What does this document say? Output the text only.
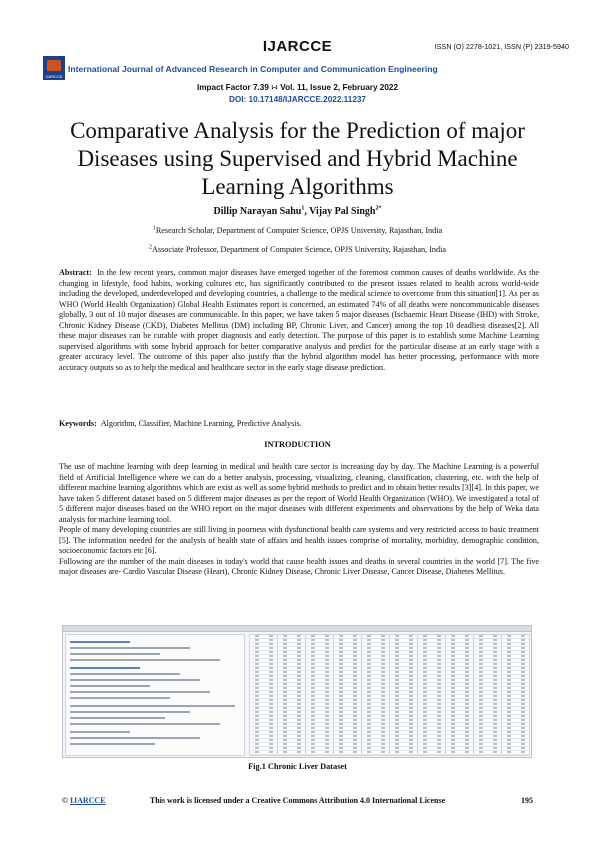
IJARCCE	ISSN (O) 2278-1021, ISSN (P) 2319-5940
IJARCCE
International Journal of Advanced Research in Computer and Communication Engineering
Impact Factor 7.39 ∺ Vol. 11, Issue 2, February 2022
DOI: 10.17148/IJARCCE.2022.11237
Comparative Analysis for the Prediction of major Diseases using Supervised and Hybrid Machine Learning Algorithms
Dillip Narayan Sahu$^1$, Vijay Pal Singh$^{2*}$
$^1$Research Scholar, Department of Computer Science, OPJS University, Rajasthan, India
$^2$Associate Professor, Department of Computer Science, OPJS University, Rajasthan, India
Abstract: In the few recent years, common major diseases have emerged together of the foremost common causes of deaths worldwide. As the changing in lifestyle, food habits, working cultures etc, has significantly contributed to the present issues related to health across world-wide including the developed, underdeveloped and developing countries, a challenge to the medical science to overcome from this situation[1]. As per as WHO (World Health Organization) Global Health Estimates report is concerned, an estimated 74% of all deaths were noncommunicable diseases globally, 3 out of 10 major diseases are communicable. In this paper, we have taken 5 major diseases (Ischaemic Heart Disease (IHD) with Stroke, Chronic Kidney Disease (CKD), Diabetes Mellitus (DM) including BP, Chronic Liver, and Cancer) among the top 10 deadliest diseases[2]. All these major diseases can be curable with proper diagnosis and early detection. The purpose of this paper is to establish some Machine Learning supervised algorithms with some hybrid approach for better comparative analysis and predict for the particular disease at an early stage with a greater accuracy level. The outcome of this paper also justify that the hybrid algorithm model has better processing, performance with more accuracy outputs so as to help the medical and healthcare sector in the early stage disease prediction.
Keywords: Algorithm, Classifier, Machine Learning, Predictive Analysis.
INTRODUCTION

The use of machine learning with deep learning in medical and health care sector is increasing day by day. The Machine Learning is a powerful field of Artificial Intelligence where we can do a better analysis, processing, visualizing, cleaning, classification, clustering, etc. with the help of different machine learning algorithms which are exist as well as some hybrid methods to predict and to obtain better results [3][4]. In this paper, we have taken 5 different dataset based on 5 different major diseases as per the report of World Health Organization (WHO). We investigated a total of 5 different major diseases based on the WHO report on the major diseases with different experiments and observations by the help of Weka data analysis for machine learning tool.

People of many developing countries are still living in poorness with dysfunctional health care systems and very restricted access to basic treatment [5]. The information needed for the analysis of health state of affairs and health issues comprise of mortality, morbidity, demographic condition, socioeconomic factors etc [6].

Following are the number of the main diseases in today's world that cause health issues and deaths in several countries in the world [7]. The five major diseases are- Cardio Vascular Disease (Heart), Chronic Kidney Disease, Chronic Liver Disease, Cancer Disease, Diabetes Mellitus.

Fig.1 Chronic Liver Dataset
© IJARCCE	This work is licensed under a Creative Commons Attribution 4.0 International License	195
